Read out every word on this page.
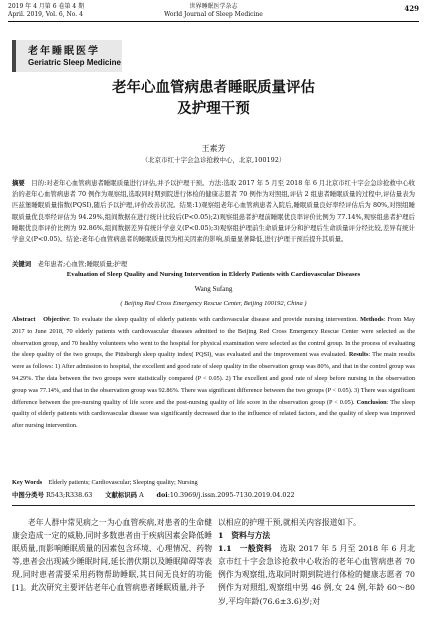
2019 年 4 月第 6 卷第 4 期
April. 2019, Vol. 6, No. 4
世界睡眠医学杂志
World Journal of Sleep Medicine
429
老年睡眠医学
Geriatric Sleep Medicine
老年心血管病患者睡眠质量评估
及护理干预
王素芳
（北京市红十字会急诊抢救中心，北京,100192）

摘要　 目的:对老年心血管病患者睡眠质量进行评估,并予以护理干预。方法:选取 2017 年 5 月至 2018 年 6 月北京市红十字会急诊抢救中心收治的老年心血管病患者 70 例作为观察组,选取同时期到院进行体检的健康志愿者 70 例作为对照组,评估 2 组患者睡眠质量的过程中,评估量表为匹兹堡睡眠质量指数(PQSI),随后予以护理,评价改善状况。结果:1)观察组老年心血管病患者入院后,睡眠质量良好率经评估后为 80%,对照组睡眠质量优良率经评估为 94.29%,组间数据在进行统计比较后(P<0.05);2)观察组患者护理前睡眠优良率评价比例为 77.14%,观察组患者护理后睡眠优良率评价比例为 92.86%,组间数据差异有统计学意义(P<0.05);3)观察组护理前生命质量评分和护理后生命质量评分经比较,差异有统计学意义(P<0.05)。结论:老年心血管病患者的睡眠质量因为相关因素的影响,质量显著降低,进行护理干预后提升其质量。

关键词　 老年患者;心血管;睡眠质量;护理

Evaluation of Sleep Quality and Nursing Intervention in Elderly Patients with Cardiovascular Diseases
Wang Sufang
( Beijing Red Cross Emergency Rescue Center, Beijing 100192, China )

Abstract　 Objective: To evaluate the sleep quality of elderly patients with cardiovascular disease and provide nursing intervention. Methods: From May 2017 to June 2018, 70 elderly patients with cardiovascular diseases admitted to the Beijing Red Cross Emergency Rescue Center were selected as the observation group, and 70 healthy volunteers who went to the hospital for physical examination were selected as the control group. In the process of evaluating the sleep quality of the two groups, the Pittsburgh sleep quality index( PQSI), was evaluated and the improvement was evaluated. Results: The main results were as follows: 1) After admission to hospital, the excellent and good rate of sleep quality in the observation group was 80%, and that in the control group was 94.29%. The data between the two groups were statistically compared (P < 0.05). 2) The excellent and good rate of sleep before nursing in the observation group was 77.14%, and that in the observation group was 92.86%. There was significant difference between the two groups (P < 0.05). 3) There was significant difference between the pre-nursing quality of life score and the post-nursing quality of life score in the observation group (P < 0.05). Conclusion: The sleep quality of elderly patients with cardiovascular disease was significantly decreased due to the influence of related factors, and the quality of sleep was improved after nursing intervention.

Key Words　 Elderly patients; Cardiovascular; Sleeping quality; Nursing

中图分类号 R543;R338.63　　 文献标识码 A　　 doi:10.3969/j.issn.2095-7130.2019.04.022

　　老年人群中常见病之一为心血管疾病,对患者的生命健康会造成一定的威胁,同时多数患者由于疾病因素会降低睡眠质量,而影响睡眠质量的因素包含环境、心理情况、药物等,患者会出现减少睡眠时间,延长潜伏期以及睡眠障碍等表现,同时患者需要采用药物帮助睡眠,其日间无良好的功能[1]。此次研究主要评估老年心血管病患者睡眠质量,并予

以相应的护理干预,就相关内容报道如下。
1　资料与方法
1.1　一般资料　 选取 2017 年 5 月至 2018 年 6 月北京市红十字会急诊抢救中心收治的老年心血管病患者 70 例作为观察组,选取同时期到院进行体检的健康志愿者 70 例作为对照组,观察组中男 46 例,女 24 例,年龄 60～80 岁,平均年龄(76.6±3.6)岁;对
